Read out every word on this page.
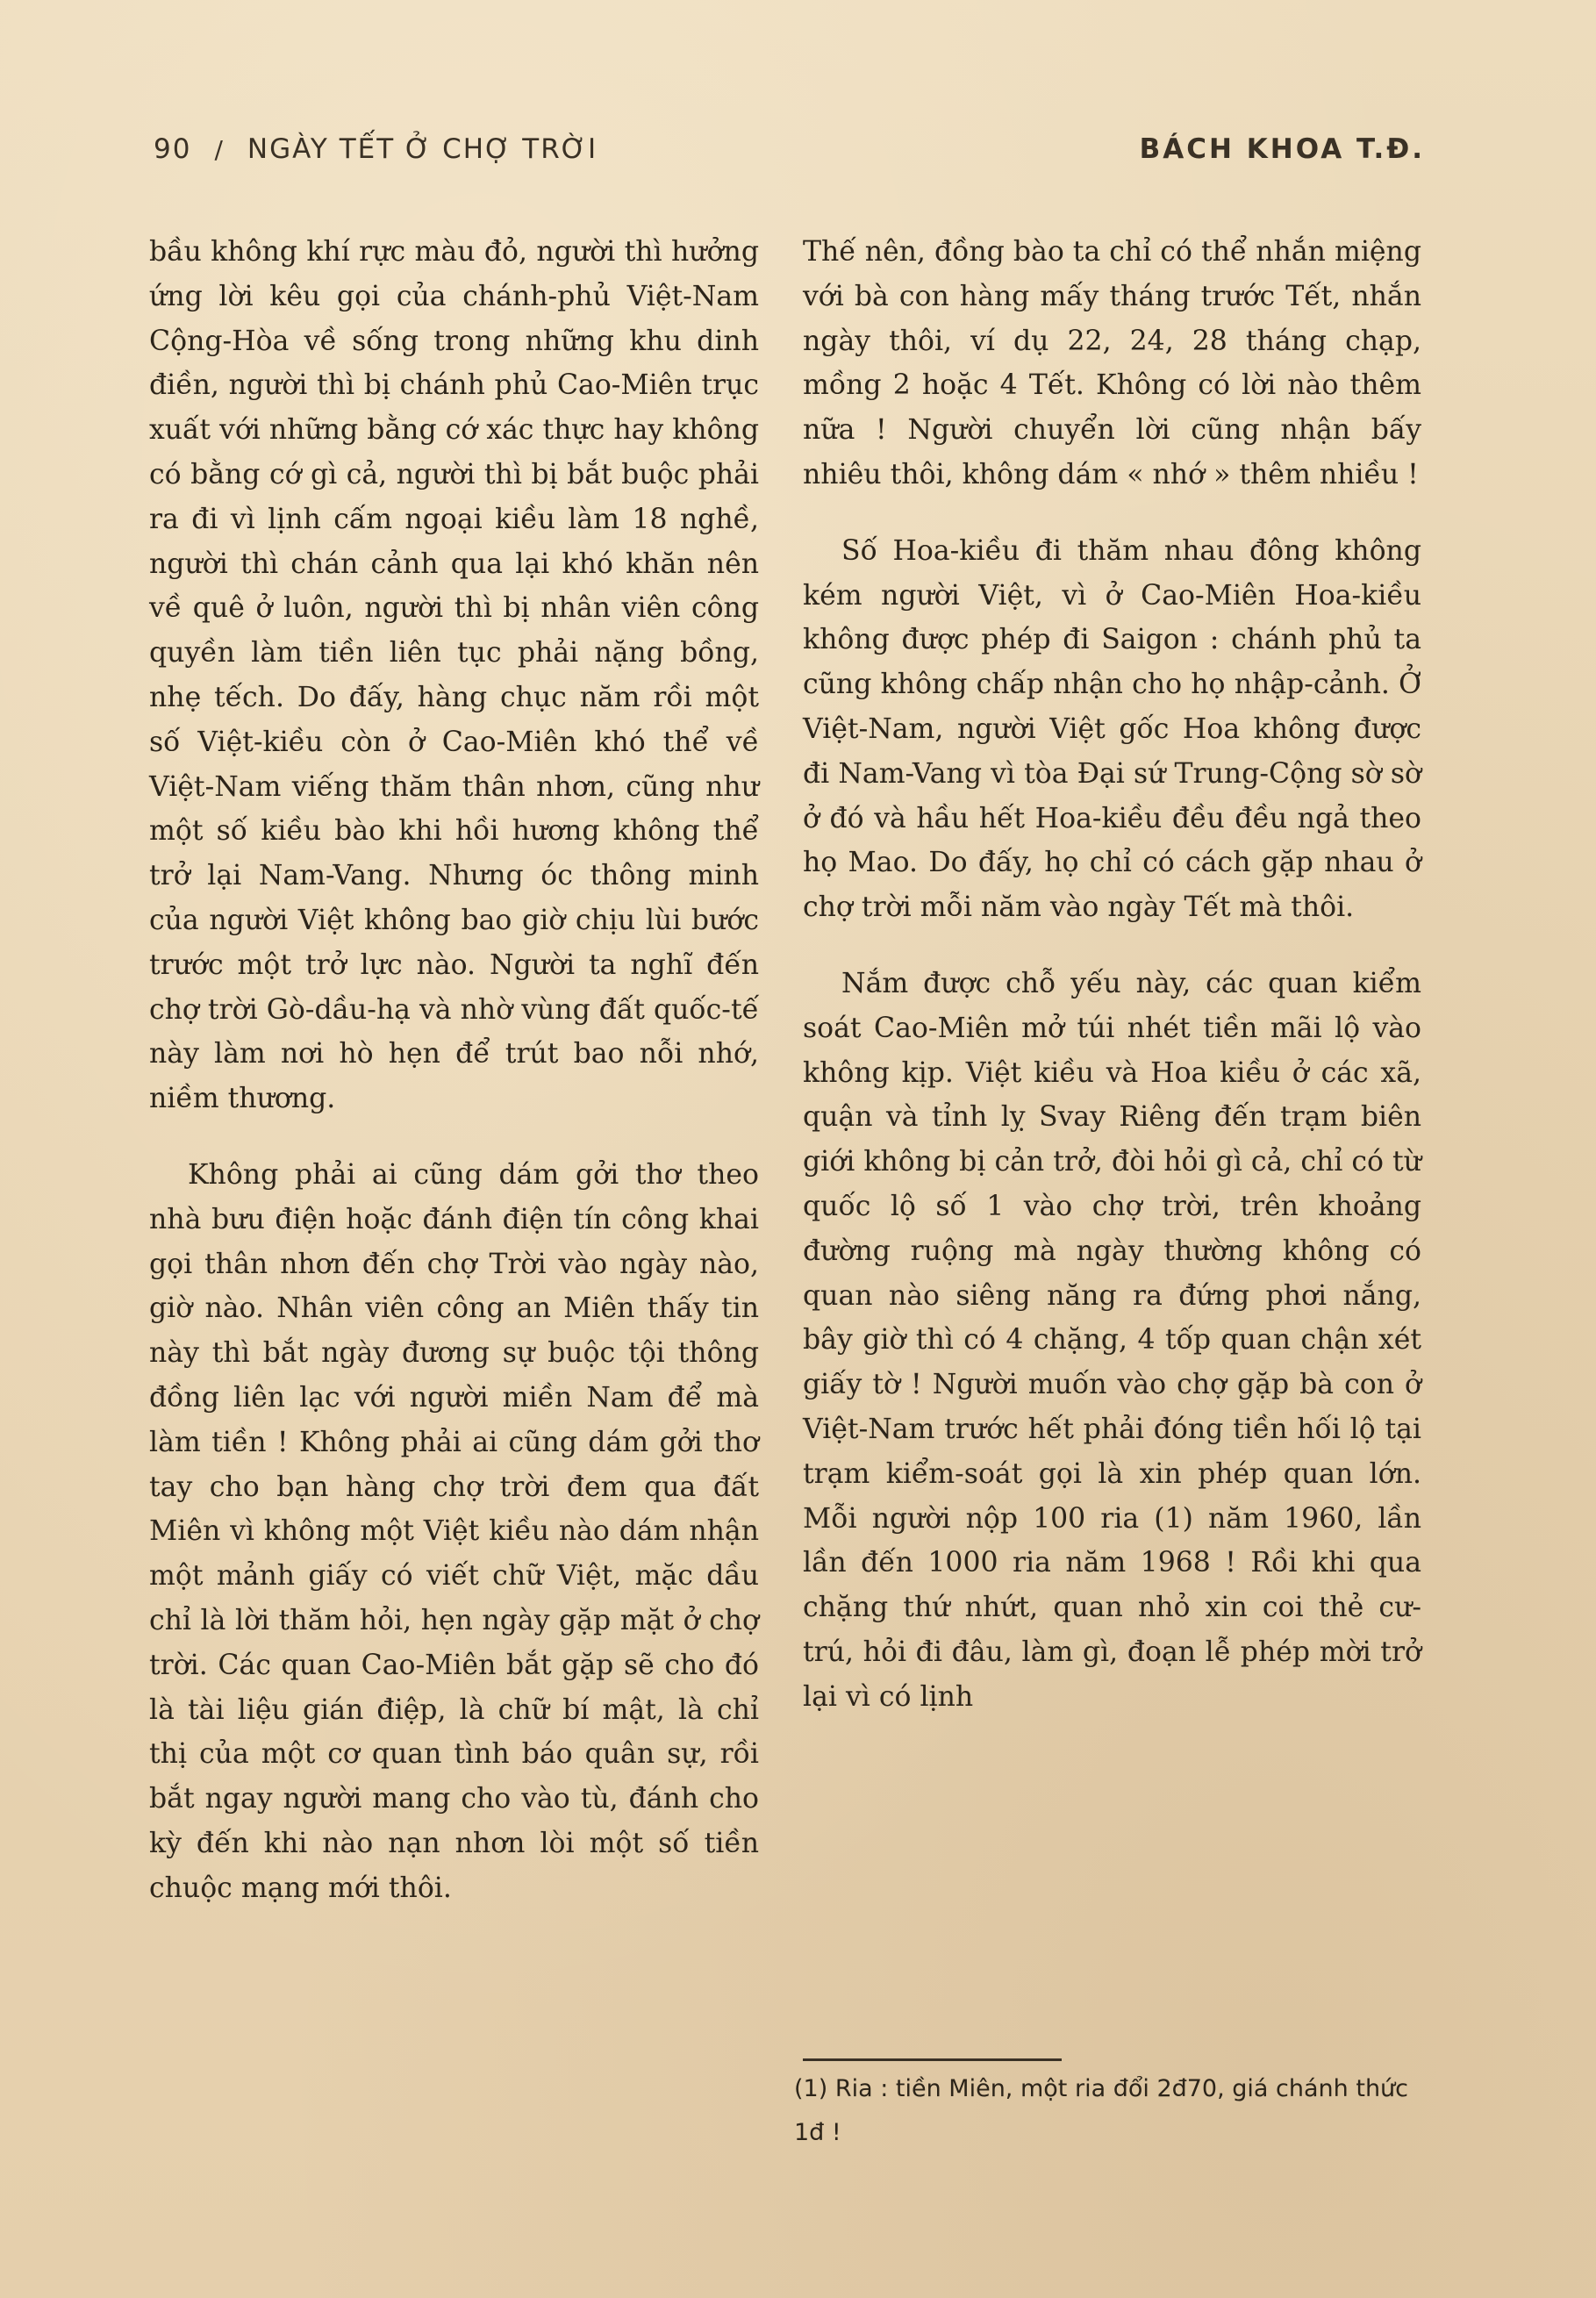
90 / NGÀY TẾT Ở CHỢ TRỜI	BÁCH KHOA T.Đ.

bầu không khí rực màu đỏ, người thì hưởng ứng lời kêu gọi của chánh-phủ Việt-Nam Cộng-Hòa về sống trong những khu dinh điền, người thì bị chánh phủ Cao-Miên trục xuất với những bằng cớ xác thực hay không có bằng cớ gì cả, người thì bị bắt buộc phải ra đi vì lịnh cấm ngoại kiều làm 18 nghề, người thì chán cảnh qua lại khó khăn nên về quê ở luôn, người thì bị nhân viên công quyền làm tiền liên tục phải nặng bồng, nhẹ tếch. Do đấy, hàng chục năm rồi một số Việt-kiều còn ở Cao-Miên khó thể về Việt-Nam viếng thăm thân nhơn, cũng như một số kiều bào khi hồi hương không thể trở lại Nam-Vang. Nhưng óc thông minh của người Việt không bao giờ chịu lùi bước trước một trở lực nào. Người ta nghĩ đến chợ trời Gò-dầu-hạ và nhờ vùng đất quốc-tế này làm nơi hò hẹn để trút bao nỗi nhớ, niềm thương.

Không phải ai cũng dám gởi thơ theo nhà bưu điện hoặc đánh điện tín công khai gọi thân nhơn đến chợ Trời vào ngày nào, giờ nào. Nhân viên công an Miên thấy tin này thì bắt ngày đương sự buộc tội thông đồng liên lạc với người miền Nam để mà làm tiền ! Không phải ai cũng dám gởi thơ tay cho bạn hàng chợ trời đem qua đất Miên vì không một Việt kiều nào dám nhận một mảnh giấy có viết chữ Việt, mặc dầu chỉ là lời thăm hỏi, hẹn ngày gặp mặt ở chợ trời. Các quan Cao-Miên bắt gặp sẽ cho đó là tài liệu gián điệp, là chữ bí mật, là chỉ thị của một cơ quan tình báo quân sự, rồi bắt ngay người mang cho vào tù, đánh cho kỳ đến khi nào nạn nhơn lòi một số tiền chuộc mạng mới thôi.

Thế nên, đồng bào ta chỉ có thể nhắn miệng với bà con hàng mấy tháng trước Tết, nhắn ngày thôi, ví dụ 22, 24, 28 tháng chạp, mồng 2 hoặc 4 Tết. Không có lời nào thêm nữa ! Người chuyển lời cũng nhận bấy nhiêu thôi, không dám « nhớ » thêm nhiều !

Số Hoa-kiều đi thăm nhau đông không kém người Việt, vì ở Cao-Miên Hoa-kiều không được phép đi Saigon : chánh phủ ta cũng không chấp nhận cho họ nhập-cảnh. Ở Việt-Nam, người Việt gốc Hoa không được đi Nam-Vang vì tòa Đại sứ Trung-Cộng sờ sờ ở đó và hầu hết Hoa-kiều đều đều ngả theo họ Mao. Do đấy, họ chỉ có cách gặp nhau ở chợ trời mỗi năm vào ngày Tết mà thôi.

Nắm được chỗ yếu này, các quan kiểm soát Cao-Miên mở túi nhét tiền mãi lộ vào không kịp. Việt kiều và Hoa kiều ở các xã, quận và tỉnh lỵ Svay Riêng đến trạm biên giới không bị cản trở, đòi hỏi gì cả, chỉ có từ quốc lộ số 1 vào chợ trời, trên khoảng đường ruộng mà ngày thường không có quan nào siêng năng ra đứng phơi nắng, bây giờ thì có 4 chặng, 4 tốp quan chận xét giấy tờ ! Người muốn vào chợ gặp bà con ở Việt-Nam trước hết phải đóng tiền hối lộ tại trạm kiểm-soát gọi là xin phép quan lớn. Mỗi người nộp 100 ria (1) năm 1960, lần lần đến 1000 ria năm 1968 ! Rồi khi qua chặng thứ nhứt, quan nhỏ xin coi thẻ cư-trú, hỏi đi đâu, làm gì, đoạn lễ phép mời trở lại vì có lịnh

(1) Ria : tiền Miên, một ria đổi 2đ70, giá chánh thức 1đ !
